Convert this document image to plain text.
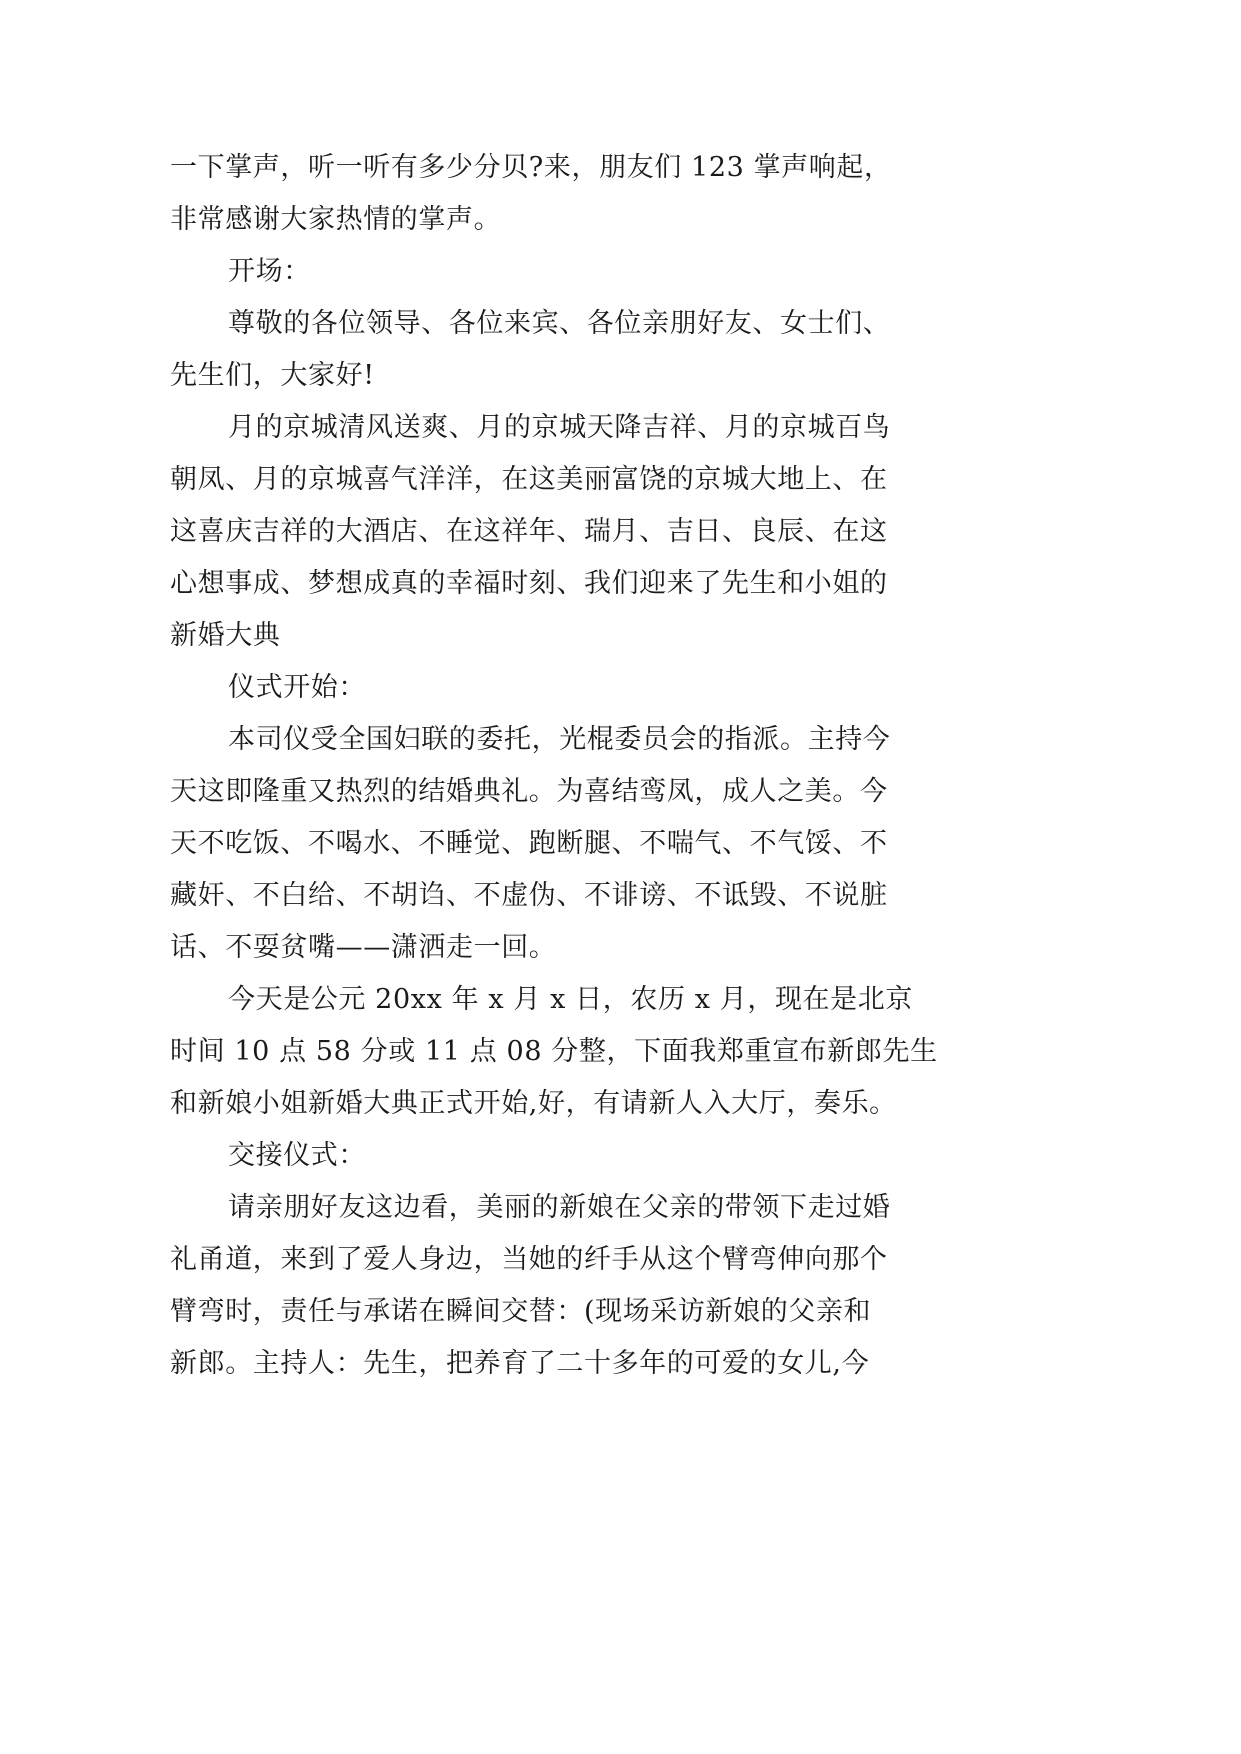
一下掌声，听一听有多少分贝?来，朋友们 123 掌声响起，
非常感谢大家热情的掌声。
开场：
尊敬的各位领导、各位来宾、各位亲朋好友、女士们、
先生们，大家好!
月的京城清风送爽、月的京城天降吉祥、月的京城百鸟
朝凤、月的京城喜气洋洋，在这美丽富饶的京城大地上、在
这喜庆吉祥的大酒店、在这祥年、瑞月、吉日、良辰、在这
心想事成、梦想成真的幸福时刻、我们迎来了先生和小姐的
新婚大典
仪式开始：
本司仪受全国妇联的委托，光棍委员会的指派。主持今
天这即隆重又热烈的结婚典礼。为喜结鸾凤，成人之美。今
天不吃饭、不喝水、不睡觉、跑断腿、不喘气、不气馁、不
藏奸、不白给、不胡诌、不虚伪、不诽谤、不诋毁、不说脏
话、不耍贫嘴——潇洒走一回。
今天是公元 20xx 年 x 月 x 日，农历 x 月，现在是北京
时间 10 点 58 分或 11 点 08 分整，下面我郑重宣布新郎先生
和新娘小姐新婚大典正式开始,好，有请新人入大厅，奏乐。
交接仪式：
请亲朋好友这边看，美丽的新娘在父亲的带领下走过婚
礼甬道，来到了爱人身边，当她的纤手从这个臂弯伸向那个
臂弯时，责任与承诺在瞬间交替：(现场采访新娘的父亲和
新郎。主持人：先生，把养育了二十多年的可爱的女儿,今
